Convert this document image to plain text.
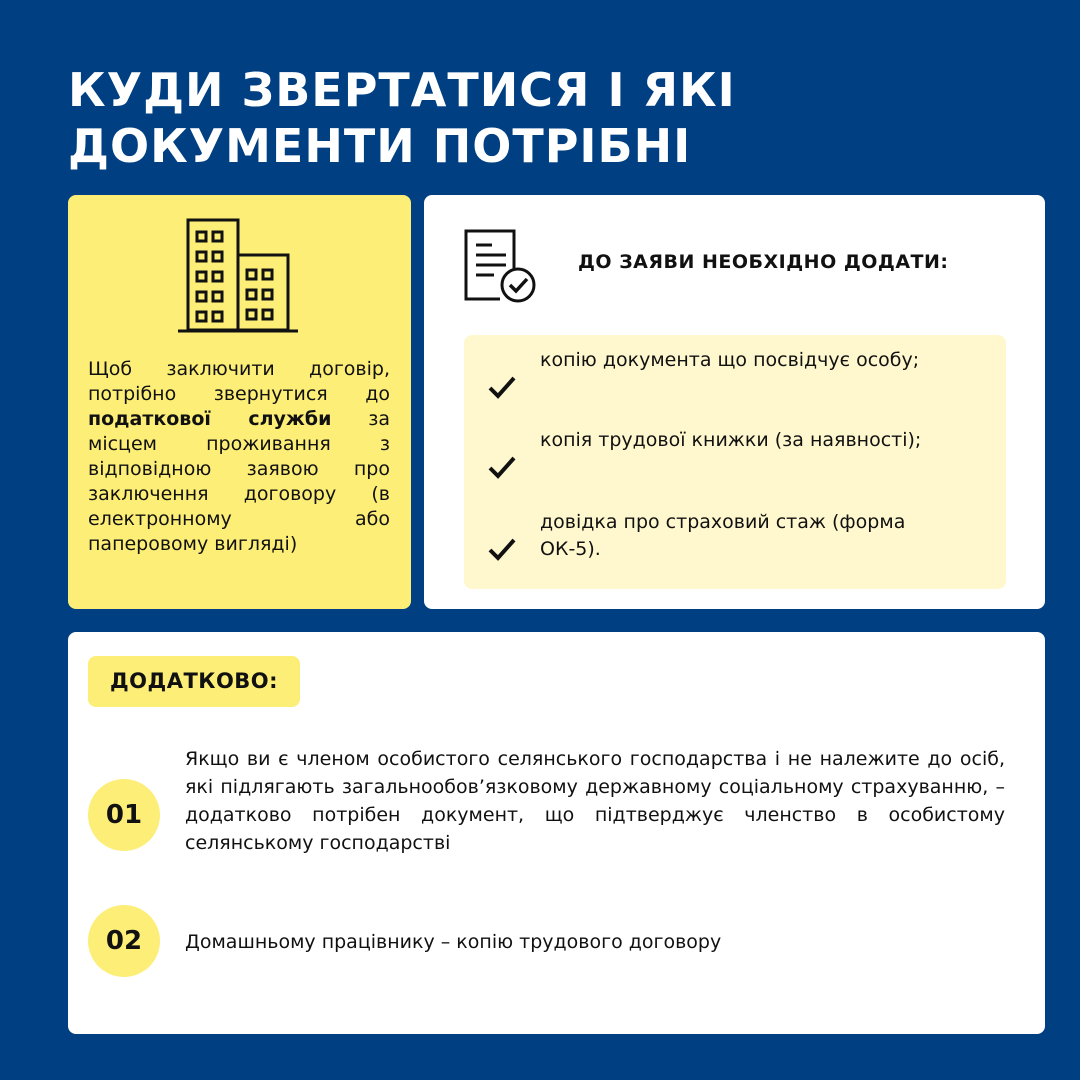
КУДИ ЗВЕРТАТИСЯ І ЯКІ
ДОКУМЕНТИ ПОТРІБНІ

Щоб заключити договір, потрібно звернутися до податкової служби за місцем проживання з відповідною заявою про заключення договору (в електронному або паперовому вигляді)

ДО ЗАЯВИ НЕОБХІДНО ДОДАТИ:
копію документа що посвідчує особу;
копія трудової книжки (за наявності);
довідка про страховий стаж (форма ОК-5).
ДОДАТКОВО:
01

Якщо ви є членом особистого селянського господарства і не належите до осіб, які підлягають загальнообов’язковому державному соціальному страхуванню, – додатково потрібен документ, що підтверджує членство в особистому селянському господарстві

02	Домашньому працівнику – копію трудового договору
